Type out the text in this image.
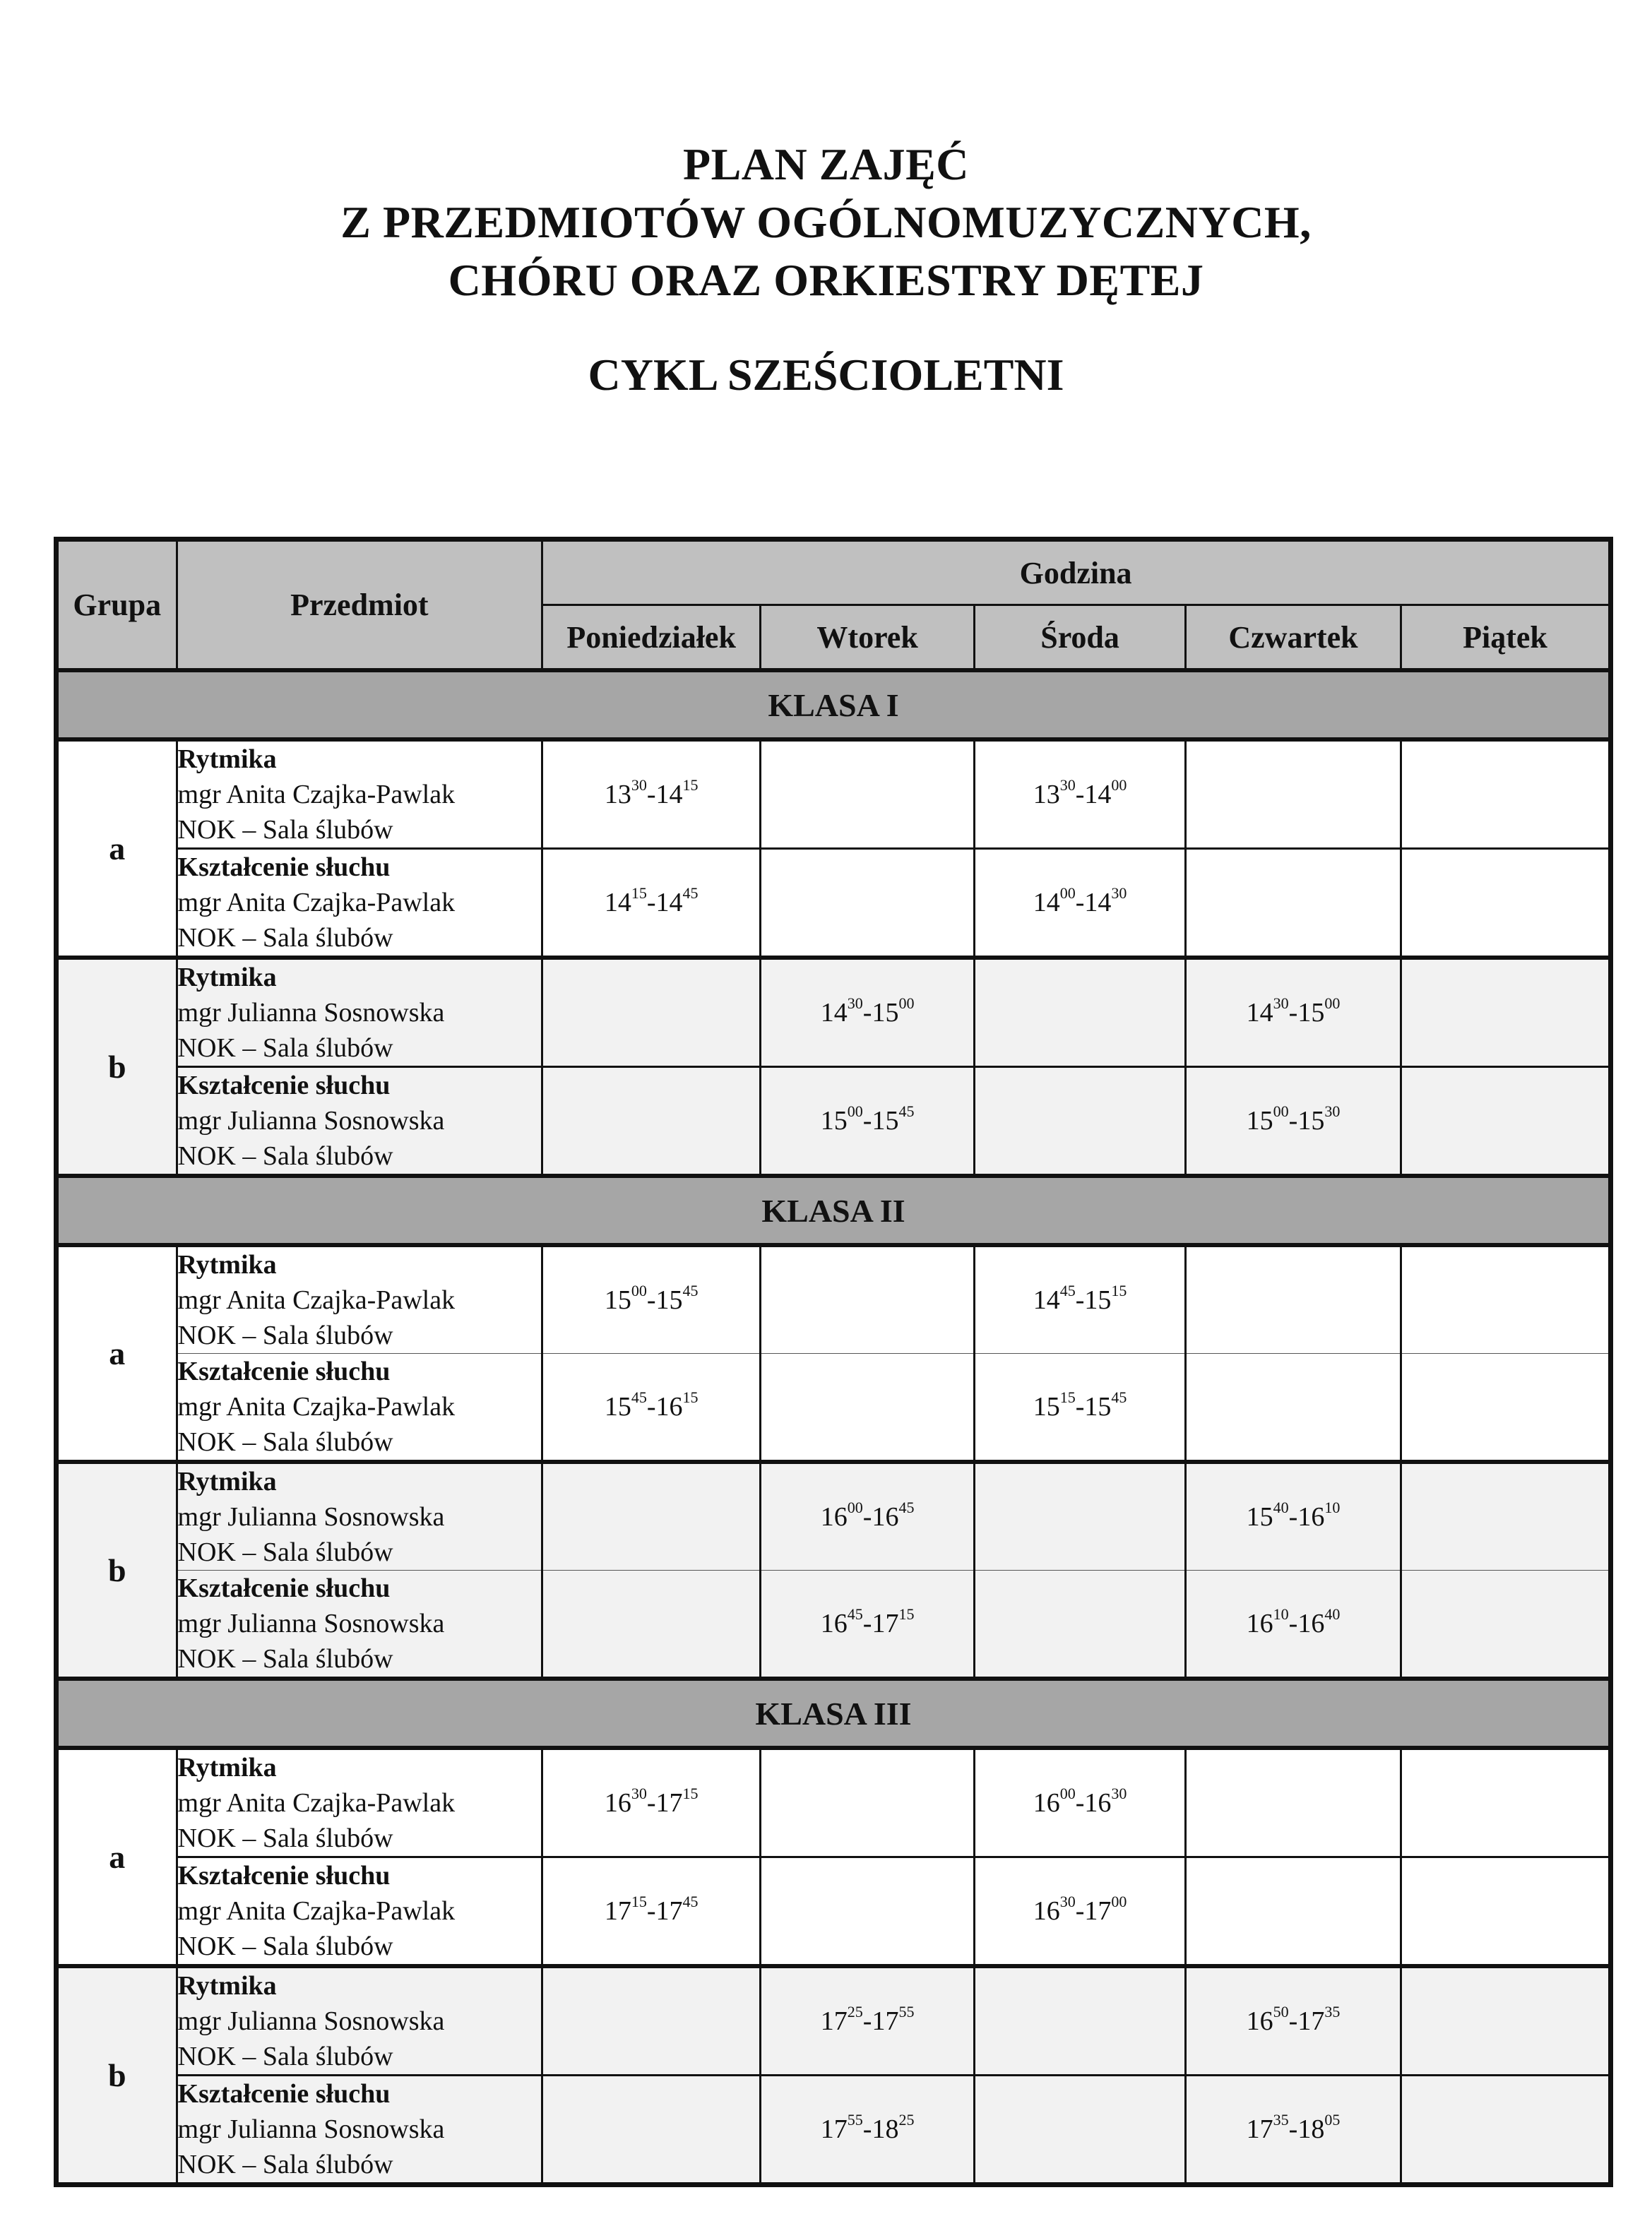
PLAN ZAJĘĆ
Z PRZEDMIOTÓW OGÓLNOMUZYCZNYCH,
CHÓRU ORAZ ORKIESTRY DĘTEJ
CYKL SZEŚCIOLETNI
Grupa	Przedmiot	Godzina				
		Poniedziałek	Wtorek	Środa	Czwartek	Piątek
KLASA I						
a	Rytmika
mgr Anita Czajka-Pawlak
NOK – Sala ślubów	$13^{30}-14^{15}$		$13^{30}-14^{00}$		

	Kształcenie słuchu
mgr Anita Czajka-Pawlak
NOK – Sala ślubów	$14^{15}-14^{45}$		$14^{00}-14^{30}$		
b	Rytmika
mgr Julianna Sosnowska
NOK – Sala ślubów		$14^{30}-15^{00}$		$14^{30}-15^{00}$	

	Kształcenie słuchu
mgr Julianna Sosnowska
NOK – Sala ślubów		$15^{00}-15^{45}$		$15^{00}-15^{30}$	
KLASA II						
a	Rytmika
mgr Anita Czajka-Pawlak
NOK – Sala ślubów	$15^{00}-15^{45}$		$14^{45}-15^{15}$		

	Kształcenie słuchu
mgr Anita Czajka-Pawlak
NOK – Sala ślubów	$15^{45}-16^{15}$		$15^{15}-15^{45}$		
b	Rytmika
mgr Julianna Sosnowska
NOK – Sala ślubów		$16^{00}-16^{45}$		$15^{40}-16^{10}$	

	Kształcenie słuchu
mgr Julianna Sosnowska
NOK – Sala ślubów		$16^{45}-17^{15}$		$16^{10}-16^{40}$	
KLASA III						
a	Rytmika
mgr Anita Czajka-Pawlak
NOK – Sala ślubów	$16^{30}-17^{15}$		$16^{00}-16^{30}$		

	Kształcenie słuchu
mgr Anita Czajka-Pawlak
NOK – Sala ślubów	$17^{15}-17^{45}$		$16^{30}-17^{00}$		
b	Rytmika
mgr Julianna Sosnowska
NOK – Sala ślubów		$17^{25}-17^{55}$		$16^{50}-17^{35}$	

	Kształcenie słuchu
mgr Julianna Sosnowska
NOK – Sala ślubów		$17^{55}-18^{25}$		$17^{35}-18^{05}$	
